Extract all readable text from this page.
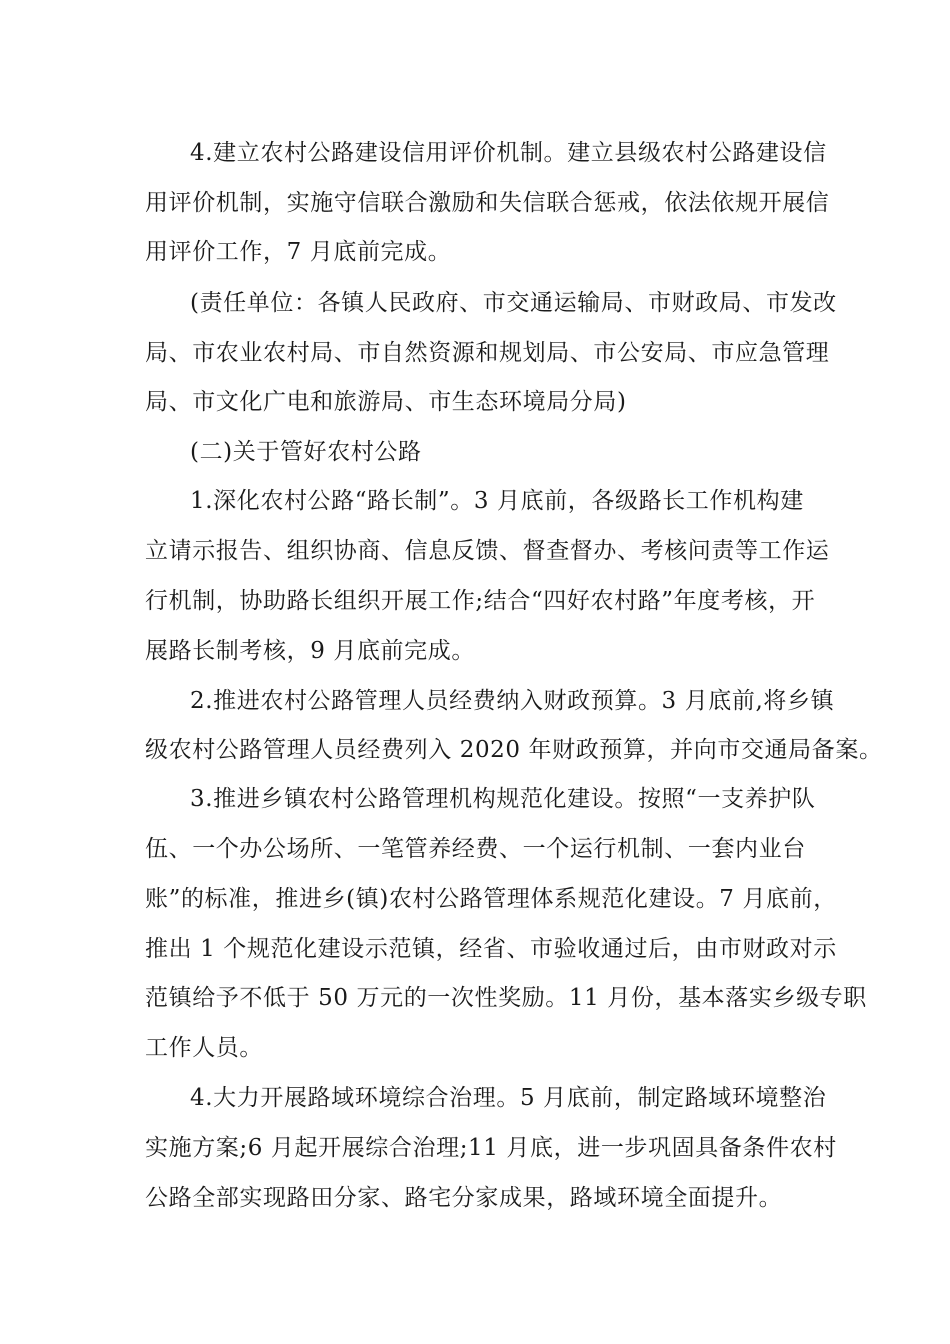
4.建立农村公路建设信用评价机制。建立县级农村公路建设信
用评价机制，实施守信联合激励和失信联合惩戒，依法依规开展信
用评价工作，7 月底前完成。
(责任单位：各镇人民政府、市交通运输局、市财政局、市发改
局、市农业农村局、市自然资源和规划局、市公安局、市应急管理
局、市文化广电和旅游局、市生态环境局分局)
(二)关于管好农村公路
1.深化农村公路“路长制”。3 月底前，各级路长工作机构建
立请示报告、组织协商、信息反馈、督查督办、考核问责等工作运
行机制，协助路长组织开展工作;结合“四好农村路”年度考核，开
展路长制考核，9 月底前完成。
2.推进农村公路管理人员经费纳入财政预算。3 月底前,将乡镇
级农村公路管理人员经费列入 2020 年财政预算，并向市交通局备案。
3.推进乡镇农村公路管理机构规范化建设。按照“一支养护队
伍、一个办公场所、一笔管养经费、一个运行机制、一套内业台
账”的标准，推进乡(镇)农村公路管理体系规范化建设。7 月底前，
推出 1 个规范化建设示范镇，经省、市验收通过后，由市财政对示
范镇给予不低于 50 万元的一次性奖励。11 月份，基本落实乡级专职
工作人员。
4.大力开展路域环境综合治理。5 月底前，制定路域环境整治
实施方案;6 月起开展综合治理;11 月底，进一步巩固具备条件农村
公路全部实现路田分家、路宅分家成果，路域环境全面提升。
